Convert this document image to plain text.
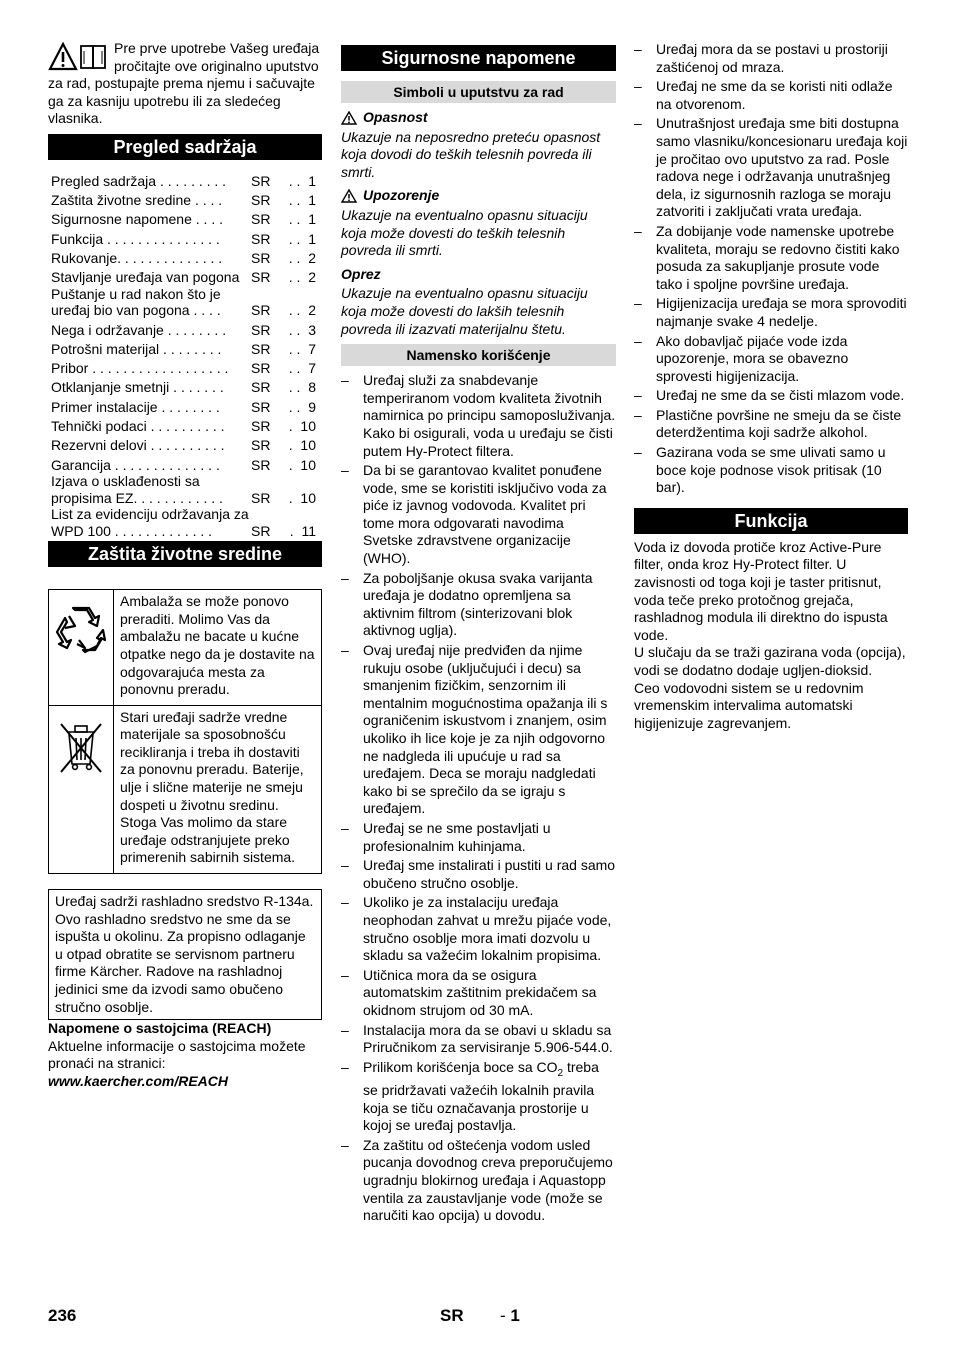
Pre prve upotrebe Vašeg uređaja pročitajte ove originalno uputstvo za rad, postupajte prema njemu i sačuvajte ga za kasniju upotrebu ili za sledećeg vlasnika.

Pregled sadržaja
Pregled sadržaja . . . . . . . . .	SR	. .  1
Zaštita životne sredine . . . .	SR	. .  1
Sigurnosne napomene . . . .	SR	. .  1
Funkcija . . . . . . . . . . . . . . .	SR	. .  1
Rukovanje. . . . . . . . . . . . . .	SR	. .  2
Stavljanje uređaja van pogona	SR	. .  2
Puštanje u rad nakon što je uređaj bio van pogona . . . .	SR	. .  2
Nega i održavanje . . . . . . . .	SR	. .  3
Potrošni materijal . . . . . . . .	SR	. .  7
Pribor . . . . . . . . . . . . . . . . . .	SR	. .  7
Otklanjanje smetnji . . . . . . .	SR	. .  8
Primer instalacije . . . . . . . .	SR	. .  9
Tehnički podaci . . . . . . . . . .	SR	.  10
Rezervni delovi . . . . . . . . . .	SR	.  10
Garancija . . . . . . . . . . . . . .	SR	.  10
Izjava o usklađenosti sa propisima EZ. . . . . . . . . . . .	SR	.  10
List za evidenciju održavanja za WPD 100 . . . . . . . . . . . . .	SR	.  11
Zaštita životne sredine
	Ambalaža se može ponovo preraditi. Molimo Vas da ambalažu ne bacate u kućne otpatke nego da je dostavite na odgovarajuća mesta za ponovnu preradu.
	Stari uređaji sadrže vredne materijale sa sposobnošću recikliranja i treba ih dostaviti za ponovnu preradu. Baterije, ulje i slične materije ne smeju dospeti u životnu sredinu. Stoga Vas molimo da stare uređaje odstranjujete preko primerenih sabirnih sistema.

Uređaj sadrži rashladno sredstvo R-134a. Ovo rashladno sredstvo ne sme da se ispušta u okolinu. Za propisno odlaganje u otpad obratite se servisnom partneru firme Kärcher. Radove na rashladnoj jedinici sme da izvodi samo obučeno stručno osoblje.

Napomene o sastojcima (REACH)
Aktuelne informacije o sastojcima možete pronaći na stranici:
www.kaercher.com/REACH
Sigurnosne napomene
Simboli u uputstvu za rad
Opasnost

Ukazuje na neposredno preteću opasnost koja dovodi do teških telesnih povreda ili smrti.

Upozorenje

Ukazuje na eventualno opasnu situaciju koja može dovesti do teških telesnih povreda ili smrti.

Oprez

Ukazuje na eventualno opasnu situaciju koja može dovesti do lakših telesnih povreda ili izazvati materijalnu štetu.

Namensko korišćenje
– Uređaj služi za snabdevanje temperiranom vodom kvaliteta životnih namirnica po principu samoposluživanja. Kako bi osigurali, voda u uređaju se čisti putem Hy-Protect filtera.
– Da bi se garantovao kvalitet ponuđene vode, sme se koristiti isključivo voda za piće iz javnog vodovoda. Kvalitet pri tome mora odgovarati navodima Svetske zdravstvene organizacije (WHO).
– Za poboljšanje okusa svaka varijanta uređaja je dodatno opremljena sa aktivnim filtrom (sinterizovani blok aktivnog uglja).
– Ovaj uređaj nije predviđen da njime rukuju osobe (uključujući i decu) sa smanjenim fizičkim, senzornim ili mentalnim mogućnostima opažanja ili s ograničenim iskustvom i znanjem, osim ukoliko ih lice koje je za njih odgovorno ne nadgleda ili upućuje u rad sa uređajem. Deca se moraju nadgledati kako bi se sprečilo da se igraju s uređajem.
– Uređaj se ne sme postavljati u profesionalnim kuhinjama.
– Uređaj sme instalirati i pustiti u rad samo obučeno stručno osoblje.
– Ukoliko je za instalaciju uređaja neophodan zahvat u mrežu pijaće vode, stručno osoblje mora imati dozvolu u skladu sa važećim lokalnim propisima.
– Utičnica mora da se osigura automatskim zaštitnim prekidačem sa okidnom strujom od 30 mA.
– Instalacija mora da se obavi u skladu sa Priručnikom za servisiranje 5.906-544.0.
– Prilikom korišćenja boce sa $CO_2$ treba se pridržavati važećih lokalnih pravila koja se tiču označavanja prostorije u kojoj se uređaj postavlja.
– Za zaštitu od oštećenja vodom usled pucanja dovodnog creva preporučujemo ugradnju blokirnog uređaja i Aquastopp ventila za zaustavljanje vode (može se naručiti kao opcija) u dovodu.
– Uređaj mora da se postavi u prostoriji zaštićenoj od mraza.
– Uređaj ne sme da se koristi niti odlaže na otvorenom.
– Unutrašnjost uređaja sme biti dostupna samo vlasniku/koncesionaru uređaja koji je pročitao ovo uputstvo za rad. Posle radova nege i održavanja unutrašnjeg dela, iz sigurnosnih razloga se moraju zatvoriti i zaključati vrata uređaja.
– Za dobijanje vode namenske upotrebe kvaliteta, moraju se redovno čistiti kako posuda za sakupljanje prosute vode tako i spoljne površine uređaja.
– Higijenizacija uređaja se mora sprovoditi najmanje svake 4 nedelje.
– Ako dobavljač pijaće vode izda upozorenje, mora se obavezno sprovesti higijenizacija.
– Uređaj ne sme da se čisti mlazom vode.
– Plastične površine ne smeju da se čiste deterdžentima koji sadrže alkohol.
– Gazirana voda se sme ulivati samo u boce koje podnose visok pritisak (10 bar).
Funkcija

Voda iz dovoda protiče kroz Active-Pure filter, onda kroz Hy-Protect filter. U zavisnosti od toga koji je taster pritisnut, voda teče preko protočnog grejača, rashladnog modula ili direktno do ispusta vode.

U slučaju da se traži gazirana voda (opcija), vodi se dodatno dodaje ugljen-dioksid.

Ceo vodovodni sistem se u redovnim vremenskim intervalima automatski higijenizuje zagrevanjem.

236	SR - 1
